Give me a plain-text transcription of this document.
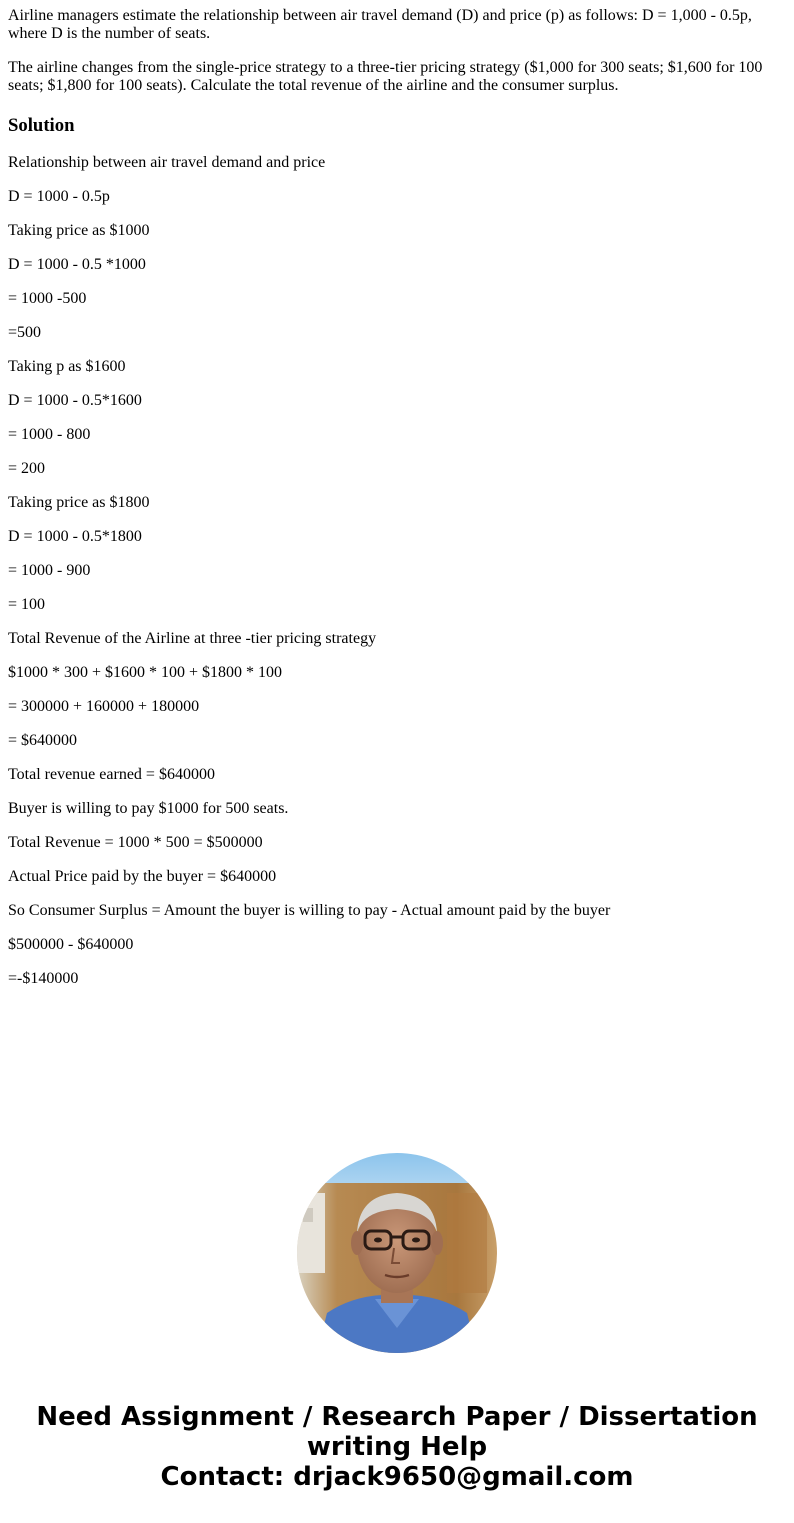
Airline managers estimate the relationship between air travel demand (D) and price (p) as follows: D = 1,000 - 0.5p, where D is the number of seats.

The airline changes from the single-price strategy to a three-tier pricing strategy ($1,000 for 300 seats; $1,600 for 100 seats; $1,800 for 100 seats). Calculate the total revenue of the airline and the consumer surplus.

Solution
Relationship between air travel demand and price
D = 1000 - 0.5p
Taking price as $1000
D = 1000 - 0.5 *1000
= 1000 -500
=500
Taking p as $1600
D = 1000 - 0.5*1600
= 1000 - 800
= 200
Taking price as $1800
D = 1000 - 0.5*1800
= 1000 - 900
= 100
Total Revenue of the Airline at three -tier pricing strategy
$1000 * 300 + $1600 * 100 + $1800 * 100
= 300000 + 160000 + 180000
= $640000
Total revenue earned = $640000
Buyer is willing to pay $1000 for 500 seats.
Total Revenue = 1000 * 500 = $500000
Actual Price paid by the buyer = $640000
So Consumer Surplus = Amount the buyer is willing to pay - Actual amount paid by the buyer
$500000 - $640000
=-$140000
Need Assignment / Research Paper / Dissertation
writing Help
Contact: drjack9650@gmail.com
